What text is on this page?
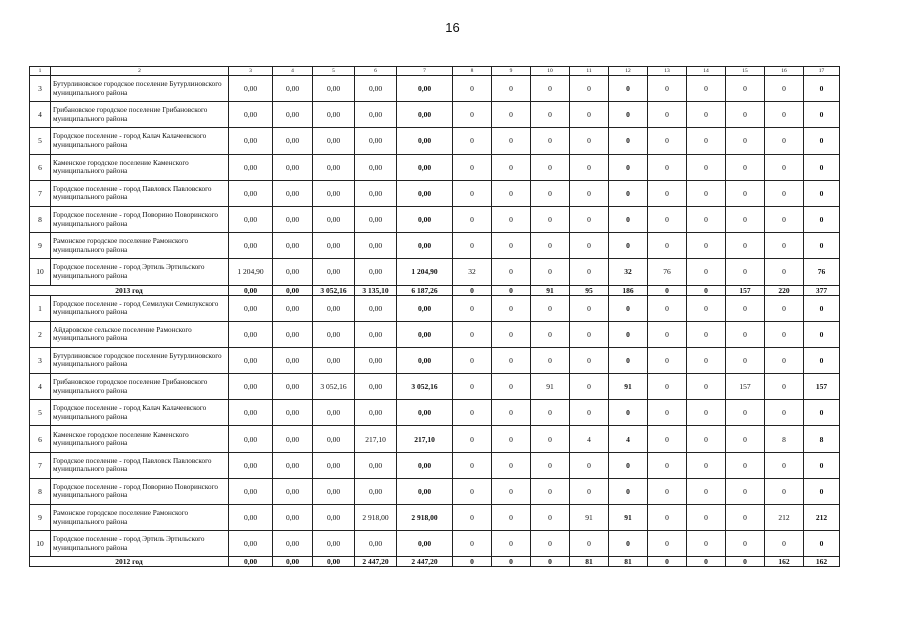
16
1	2	3	4	5	6	7	8	9	10	11	12	13	14	15	16	17
3	Бутурлиновское городское поселение Бутурлиновского муниципального района	0,00	0,00	0,00	0,00	0,00	0	0	0	0	0	0	0	0	0	0
4	Грибановское городское поселение Грибановского муниципального района	0,00	0,00	0,00	0,00	0,00	0	0	0	0	0	0	0	0	0	0
5	Городское поселение - город Калач Калачеевского муниципального района	0,00	0,00	0,00	0,00	0,00	0	0	0	0	0	0	0	0	0	0
6	Каменское городское поселение Каменского муниципального района	0,00	0,00	0,00	0,00	0,00	0	0	0	0	0	0	0	0	0	0
7	Городское поселение - город Павловск Павловского муниципального района	0,00	0,00	0,00	0,00	0,00	0	0	0	0	0	0	0	0	0	0
8	Городское поселение - город Поворино Поворинского муниципального района	0,00	0,00	0,00	0,00	0,00	0	0	0	0	0	0	0	0	0	0
9	Рамонское городское поселение Рамонского муниципального района	0,00	0,00	0,00	0,00	0,00	0	0	0	0	0	0	0	0	0	0
10	Городское поселение - город Эртиль Эртильского муниципального района	1 204,90	0,00	0,00	0,00	1 204,90	32	0	0	0	32	76	0	0	0	76
2013 год		0,00	0,00	3 052,16	3 135,10	6 187,26	0	0	91	95	186	0	0	157	220	377
1	Городское поселение - город Семилуки Семилукского муниципального района	0,00	0,00	0,00	0,00	0,00	0	0	0	0	0	0	0	0	0	0
2	Айдаровское сельское поселение Рамонского муниципального района	0,00	0,00	0,00	0,00	0,00	0	0	0	0	0	0	0	0	0	0
3	Бутурлиновское городское поселение Бутурлиновского муниципального района	0,00	0,00	0,00	0,00	0,00	0	0	0	0	0	0	0	0	0	0
4	Грибановское городское поселение Грибановского муниципального района	0,00	0,00	3 052,16	0,00	3 052,16	0	0	91	0	91	0	0	157	0	157
5	Городское поселение - город Калач Калачеевского муниципального района	0,00	0,00	0,00	0,00	0,00	0	0	0	0	0	0	0	0	0	0
6	Каменское городское поселение Каменского муниципального района	0,00	0,00	0,00	217,10	217,10	0	0	0	4	4	0	0	0	8	8
7	Городское поселение - город Павловск Павловского муниципального района	0,00	0,00	0,00	0,00	0,00	0	0	0	0	0	0	0	0	0	0
8	Городское поселение - город Поворино Поворинского муниципального района	0,00	0,00	0,00	0,00	0,00	0	0	0	0	0	0	0	0	0	0
9	Рамонское городское поселение Рамонского муниципального района	0,00	0,00	0,00	2 918,00	2 918,00	0	0	0	91	91	0	0	0	212	212
10	Городское поселение - город Эртиль Эртильского муниципального района	0,00	0,00	0,00	0,00	0,00	0	0	0	0	0	0	0	0	0	0
2012 год		0,00	0,00	0,00	2 447,20	2 447,20	0	0	0	81	81	0	0	0	162	162
